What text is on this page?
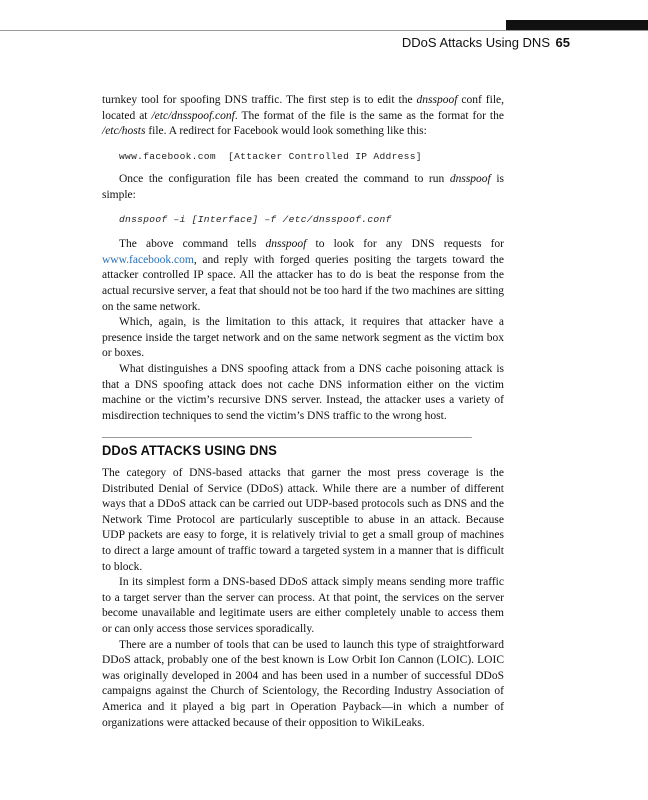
DDoS Attacks Using DNS 65

turnkey tool for spoofing DNS traffic. The first step is to edit the dnsspoof conf file, located at /etc/dnsspoof.conf. The format of the file is the same as the format for the /etc/hosts file. A redirect for Facebook would look something like this:

www.facebook.com  [Attacker Controlled IP Address]

Once the configuration file has been created the command to run dnsspoof is simple:

dnsspoof –i [Interface] –f /etc/dnsspoof.conf

The above command tells dnsspoof to look for any DNS requests for www.facebook.com, and reply with forged queries positing the targets toward the attacker controlled IP space. All the attacker has to do is beat the response from the actual recursive server, a feat that should not be too hard if the two machines are sitting on the same network.

Which, again, is the limitation to this attack, it requires that attacker have a presence inside the target network and on the same network segment as the victim box or boxes.

What distinguishes a DNS spoofing attack from a DNS cache poisoning attack is that a DNS spoofing attack does not cache DNS information either on the victim machine or the victim’s recursive DNS server. Instead, the attacker uses a variety of misdirection techniques to send the victim’s DNS traffic to the wrong host.

DDoS ATTACKS USING DNS

The category of DNS-based attacks that garner the most press coverage is the Distributed Denial of Service (DDoS) attack. While there are a number of different ways that a DDoS attack can be carried out UDP-based protocols such as DNS and the Network Time Protocol are particularly susceptible to abuse in an attack. Because UDP packets are easy to forge, it is relatively trivial to get a small group of machines to direct a large amount of traffic toward a targeted system in a manner that is difficult to block.

In its simplest form a DNS-based DDoS attack simply means sending more traffic to a target server than the server can process. At that point, the services on the server become unavailable and legitimate users are either completely unable to access them or can only access those services sporadically.

There are a number of tools that can be used to launch this type of straightforward DDoS attack, probably one of the best known is Low Orbit Ion Cannon (LOIC). LOIC was originally developed in 2004 and has been used in a number of successful DDoS campaigns against the Church of Scientology, the Recording Industry Association of America and it played a big part in Operation Payback—in which a number of organizations were attacked because of their opposition to WikiLeaks.
